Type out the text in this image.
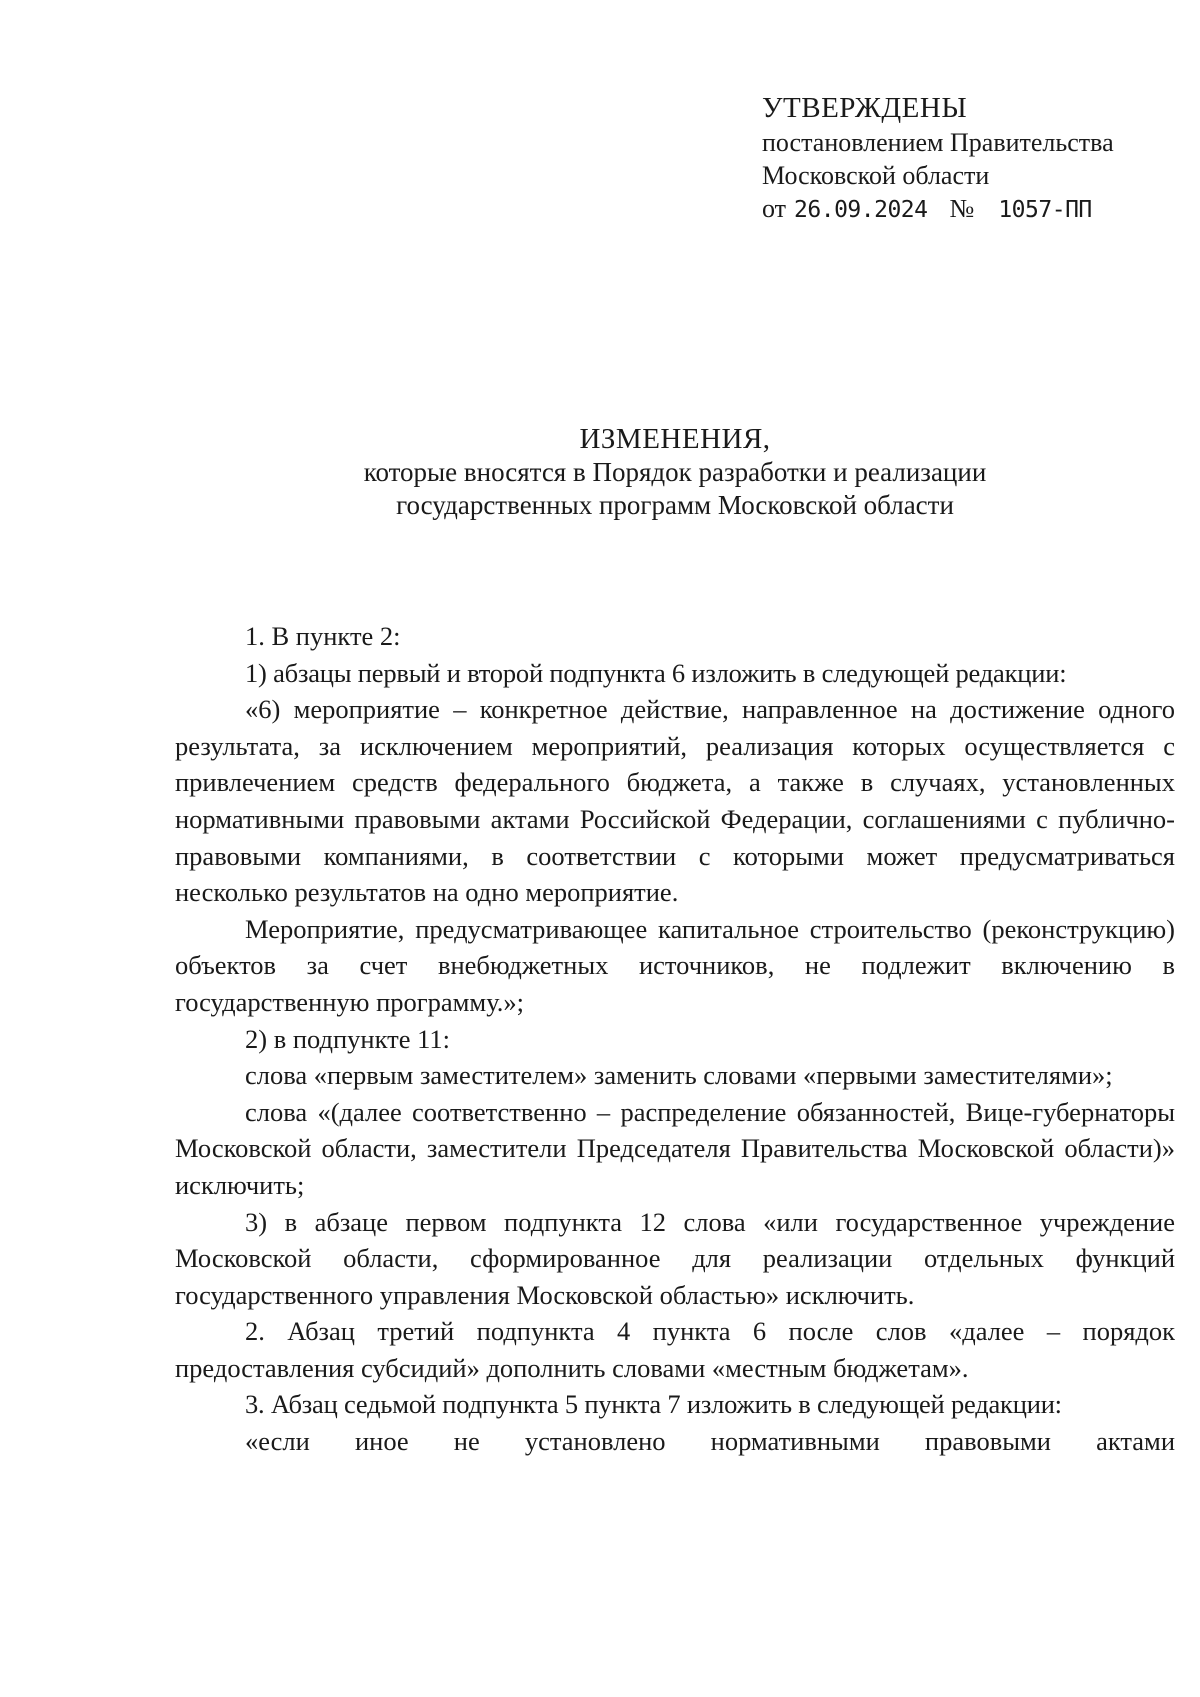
УТВЕРЖДЕНЫ
постановлением Правительства
Московской области
от 26.09.2024 № 1057-ПП
ИЗМЕНЕНИЯ,
которые вносятся в Порядок разработки и реализации
государственных программ Московской области

1. В пункте 2:

1) абзацы первый и второй подпункта 6 изложить в следующей редакции:

«6) мероприятие – конкретное действие, направленное на достижение одного результата, за исключением мероприятий, реализация которых осуществляется с привлечением средств федерального бюджета, а также в случаях, установленных нормативными правовыми актами Российской Федерации, соглашениями с публично-правовыми компаниями, в соответствии с которыми может предусматриваться несколько результатов на одно мероприятие.

Мероприятие, предусматривающее капитальное строительство (реконструкцию) объектов за счет внебюджетных источников, не подлежит включению в государственную программу.»;

2) в подпункте 11:

слова «первым заместителем» заменить словами «первыми заместителями»;

слова «(далее соответственно – распределение обязанностей, Вице-губернаторы Московской области, заместители Председателя Правительства Московской области)» исключить;

3) в абзаце первом подпункта 12 слова «или государственное учреждение Московской области, сформированное для реализации отдельных функций государственного управления Московской областью» исключить.

2. Абзац третий подпункта 4 пункта 6 после слов «далее – порядок предоставления субсидий» дополнить словами «местным бюджетам».

3. Абзац седьмой подпункта 5 пункта 7 изложить в следующей редакции:

«если иное не установлено нормативными правовыми актами
